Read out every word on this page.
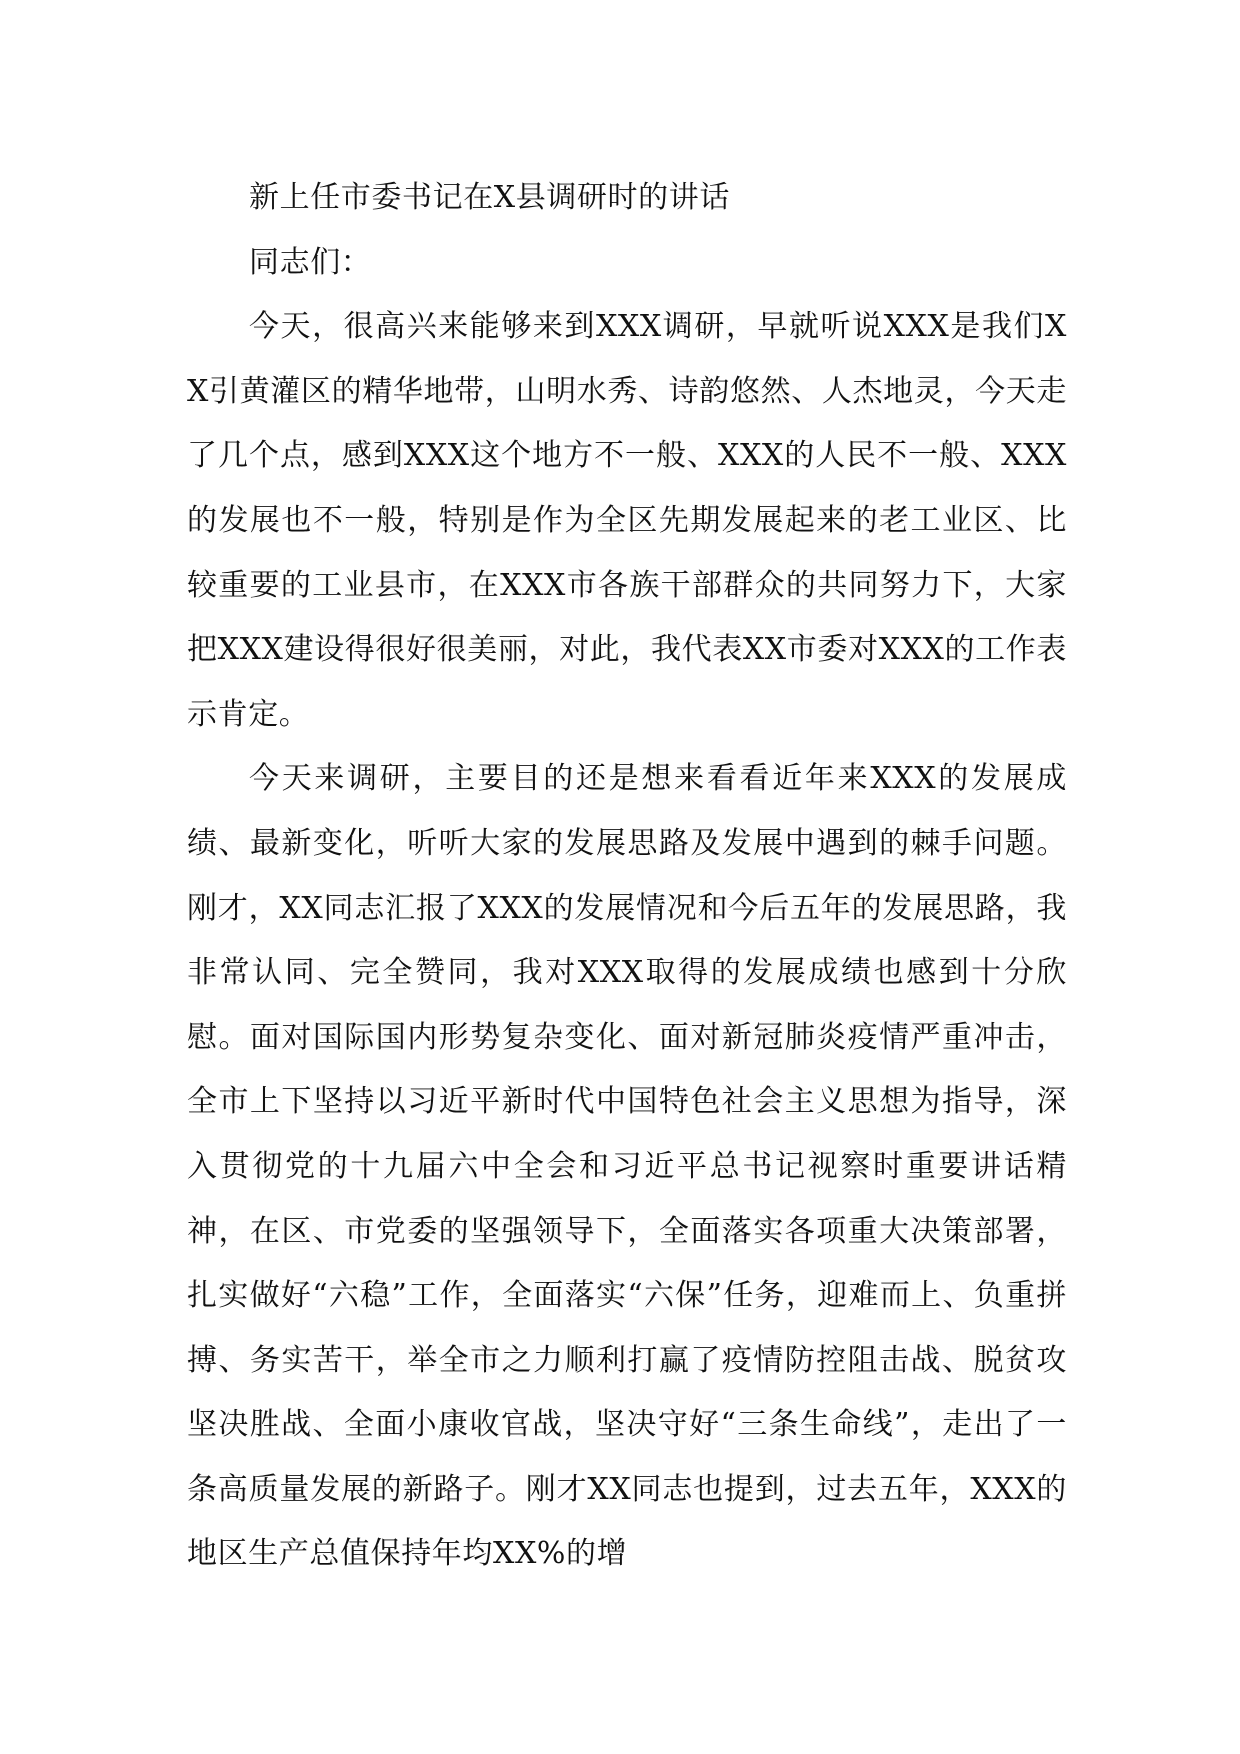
新上任市委书记在X县调研时的讲话

同志们：

今天，很高兴来能够来到XXX调研，早就听说XXX是我们XX引黄灌区的精华地带，山明水秀、诗韵悠然、人杰地灵，今天走了几个点，感到XXX这个地方不一般、XXX的人民不一般、XXX的发展也不一般，特别是作为全区先期发展起来的老工业区、比较重要的工业县市，在XXX市各族干部群众的共同努力下，大家把XXX建设得很好很美丽，对此，我代表XX市委对XXX的工作表示肯定。

今天来调研，主要目的还是想来看看近年来XXX的发展成绩、最新变化，听听大家的发展思路及发展中遇到的棘手问题。刚才，XX同志汇报了XXX的发展情况和今后五年的发展思路，我非常认同、完全赞同，我对XXX取得的发展成绩也感到十分欣慰。面对国际国内形势复杂变化、面对新冠肺炎疫情严重冲击，全市上下坚持以习近平新时代中国特色社会主义思想为指导，深入贯彻党的十九届六中全会和习近平总书记视察时重要讲话精神，在区、市党委的坚强领导下，全面落实各项重大决策部署，扎实做好“六稳”工作，全面落实“六保”任务，迎难而上、负重拼搏、务实苦干，举全市之力顺利打赢了疫情防控阻击战、脱贫攻坚决胜战、全面小康收官战，坚决守好“三条生命线”，走出了一条高质量发展的新路子。刚才XX同志也提到，过去五年，XXX的地区生产总值保持年均XX%的增
